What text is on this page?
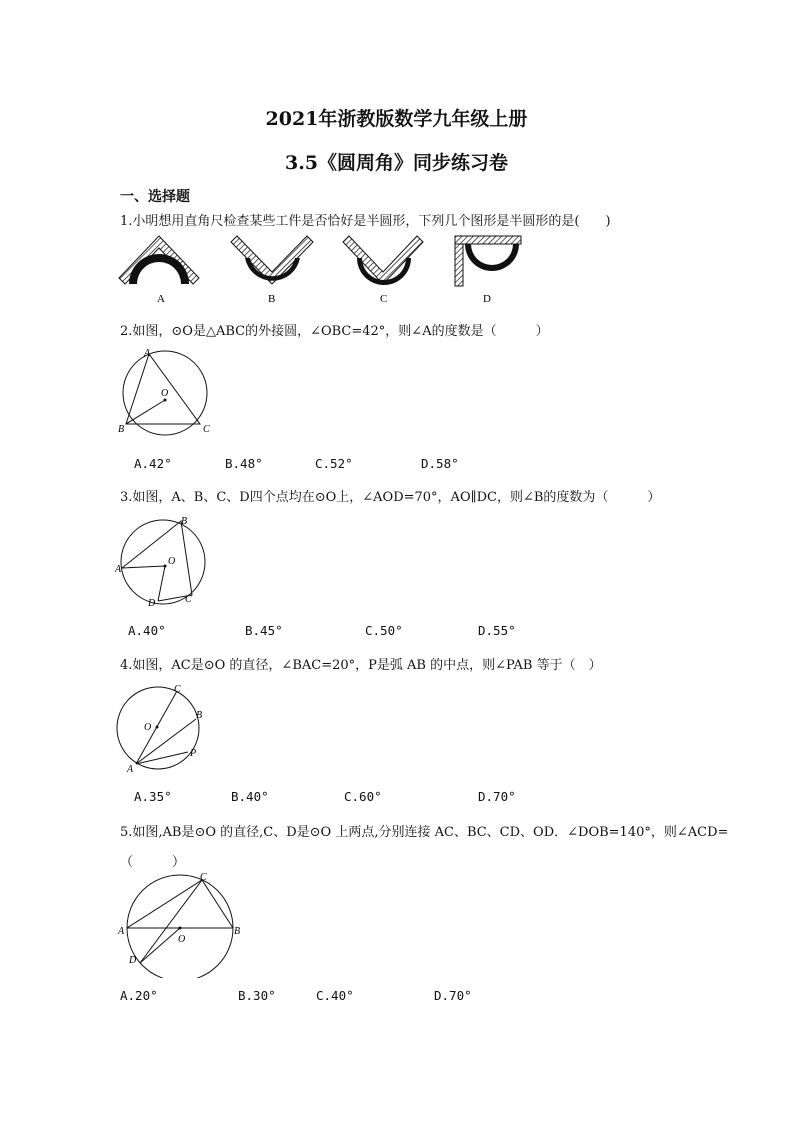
2021年浙教版数学九年级上册
3.5《圆周角》同步练习卷
一、选择题
1.小明想用直角尺检查某些工件是否恰好是半圆形，下列几个图形是半圆形的是(　　)
A	B	C	D
2.如图，⊙O是△ABC的外接圆，∠OBC=42°，则∠A的度数是（　　　）
A
B	C
O
A.42°	B.48°	C.52°	D.58°
3.如图，A、B、C、D四个点均在⊙O上，∠AOD=70°，AO∥DC，则∠B的度数为（　　　）
B
A
O
D	C
A.40°	B.45°	C.50°	D.55°
4.如图，AC是⊙O 的直径，∠BAC=20°，P是弧 AB 的中点，则∠PAB 等于（　）
C
B
O
P
A
A.35°	B.40°	C.60°	D.70°
5.如图,AB是⊙O 的直径,C、D是⊙O 上两点,分别连接 AC、BC、CD、OD．∠DOB=140°，则∠ACD=
（　　　）
C
A	B
O
D
A.20°	B.30°	C.40°	D.70°
